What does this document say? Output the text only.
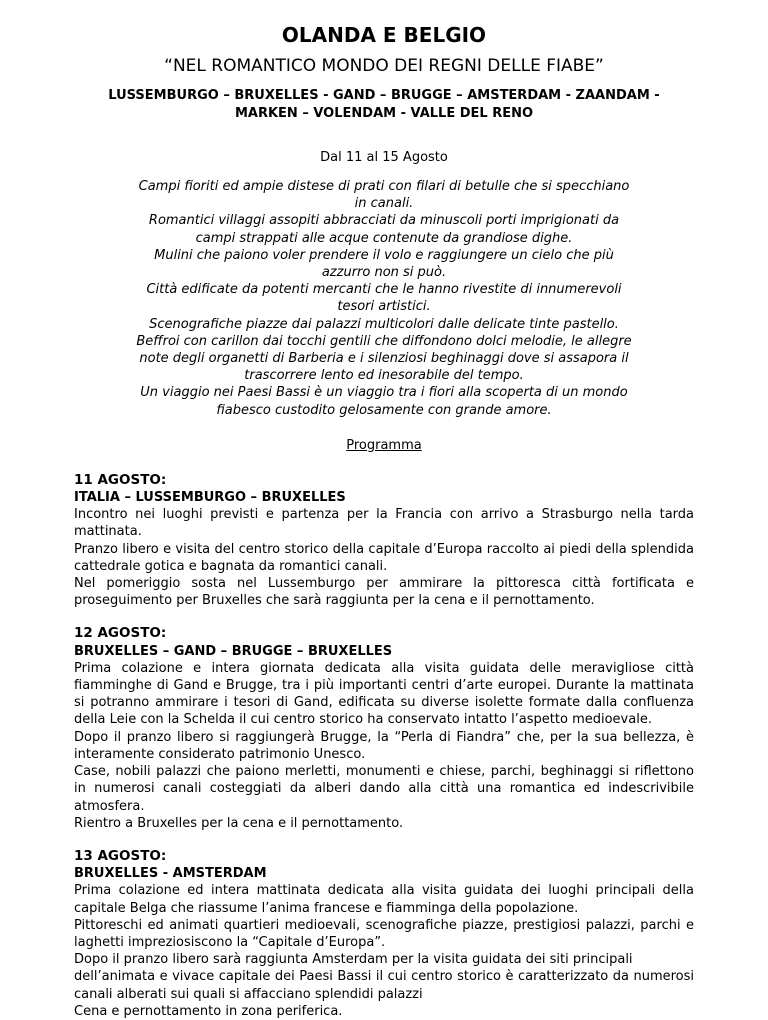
OLANDA E BELGIO
“NEL ROMANTICO MONDO DEI REGNI DELLE FIABE”
LUSSEMBURGO – BRUXELLES - GAND – BRUGGE – AMSTERDAM - ZAANDAM -
MARKEN – VOLENDAM - VALLE DEL RENO
Dal 11 al 15 Agosto
Campi fioriti ed ampie distese di prati con filari di betulle che si specchiano
in canali.
Romantici villaggi assopiti abbracciati da minuscoli porti imprigionati da
campi strappati alle acque contenute da grandiose dighe.
Mulini che paiono voler prendere il volo e raggiungere un cielo che più
azzurro non si può.
Città edificate da potenti mercanti che le hanno rivestite di innumerevoli
tesori artistici.
Scenografiche piazze dai palazzi multicolori dalle delicate tinte pastello.
Beffroi con carillon dai tocchi gentili che diffondono dolci melodie, le allegre
note degli organetti di Barberia e i silenziosi beghinaggi dove si assapora il
trascorrere lento ed inesorabile del tempo.
Un viaggio nei Paesi Bassi è un viaggio tra i fiori alla scoperta di un mondo
fiabesco custodito gelosamente con grande amore.
Programma
11 AGOSTO:
ITALIA – LUSSEMBURGO – BRUXELLES
Incontro nei luoghi previsti e partenza per la Francia con arrivo a Strasburgo nella tarda mattinata.
Pranzo libero e visita del centro storico della capitale d’Europa raccolto ai piedi della splendida cattedrale gotica e bagnata da romantici canali.
Nel pomeriggio sosta nel Lussemburgo per ammirare la pittoresca città fortificata e proseguimento per Bruxelles che sarà raggiunta per la cena e il pernottamento.
12 AGOSTO:
BRUXELLES – GAND – BRUGGE – BRUXELLES
Prima colazione e intera giornata dedicata alla visita guidata delle meravigliose città fiamminghe di Gand e Brugge, tra i più importanti centri d’arte europei. Durante la mattinata si potranno ammirare i tesori di Gand, edificata su diverse isolette formate dalla confluenza della Leie con la Schelda il cui centro storico ha conservato intatto l’aspetto medioevale.
Dopo il pranzo libero si raggiungerà Brugge, la “Perla di Fiandra” che, per la sua bellezza, è interamente considerato patrimonio Unesco.
Case, nobili palazzi che paiono merletti, monumenti e chiese, parchi, beghinaggi si riflettono in numerosi canali costeggiati da alberi dando alla città una romantica ed indescrivibile atmosfera.
Rientro a Bruxelles per la cena e il pernottamento.
13 AGOSTO:
BRUXELLES - AMSTERDAM
Prima colazione ed intera mattinata dedicata alla visita guidata dei luoghi principali della capitale Belga che riassume l’anima francese e fiamminga della popolazione.
Pittoreschi ed animati quartieri medioevali, scenografiche piazze, prestigiosi palazzi, parchi e laghetti impreziosiscono la “Capitale d’Europa”.
Dopo il pranzo libero sarà raggiunta Amsterdam per la visita guidata dei siti principali
dell’animata e vivace capitale dei Paesi Bassi il cui centro storico è caratterizzato da numerosi canali alberati sui quali si affacciano splendidi palazzi
Cena e pernottamento in zona periferica.
